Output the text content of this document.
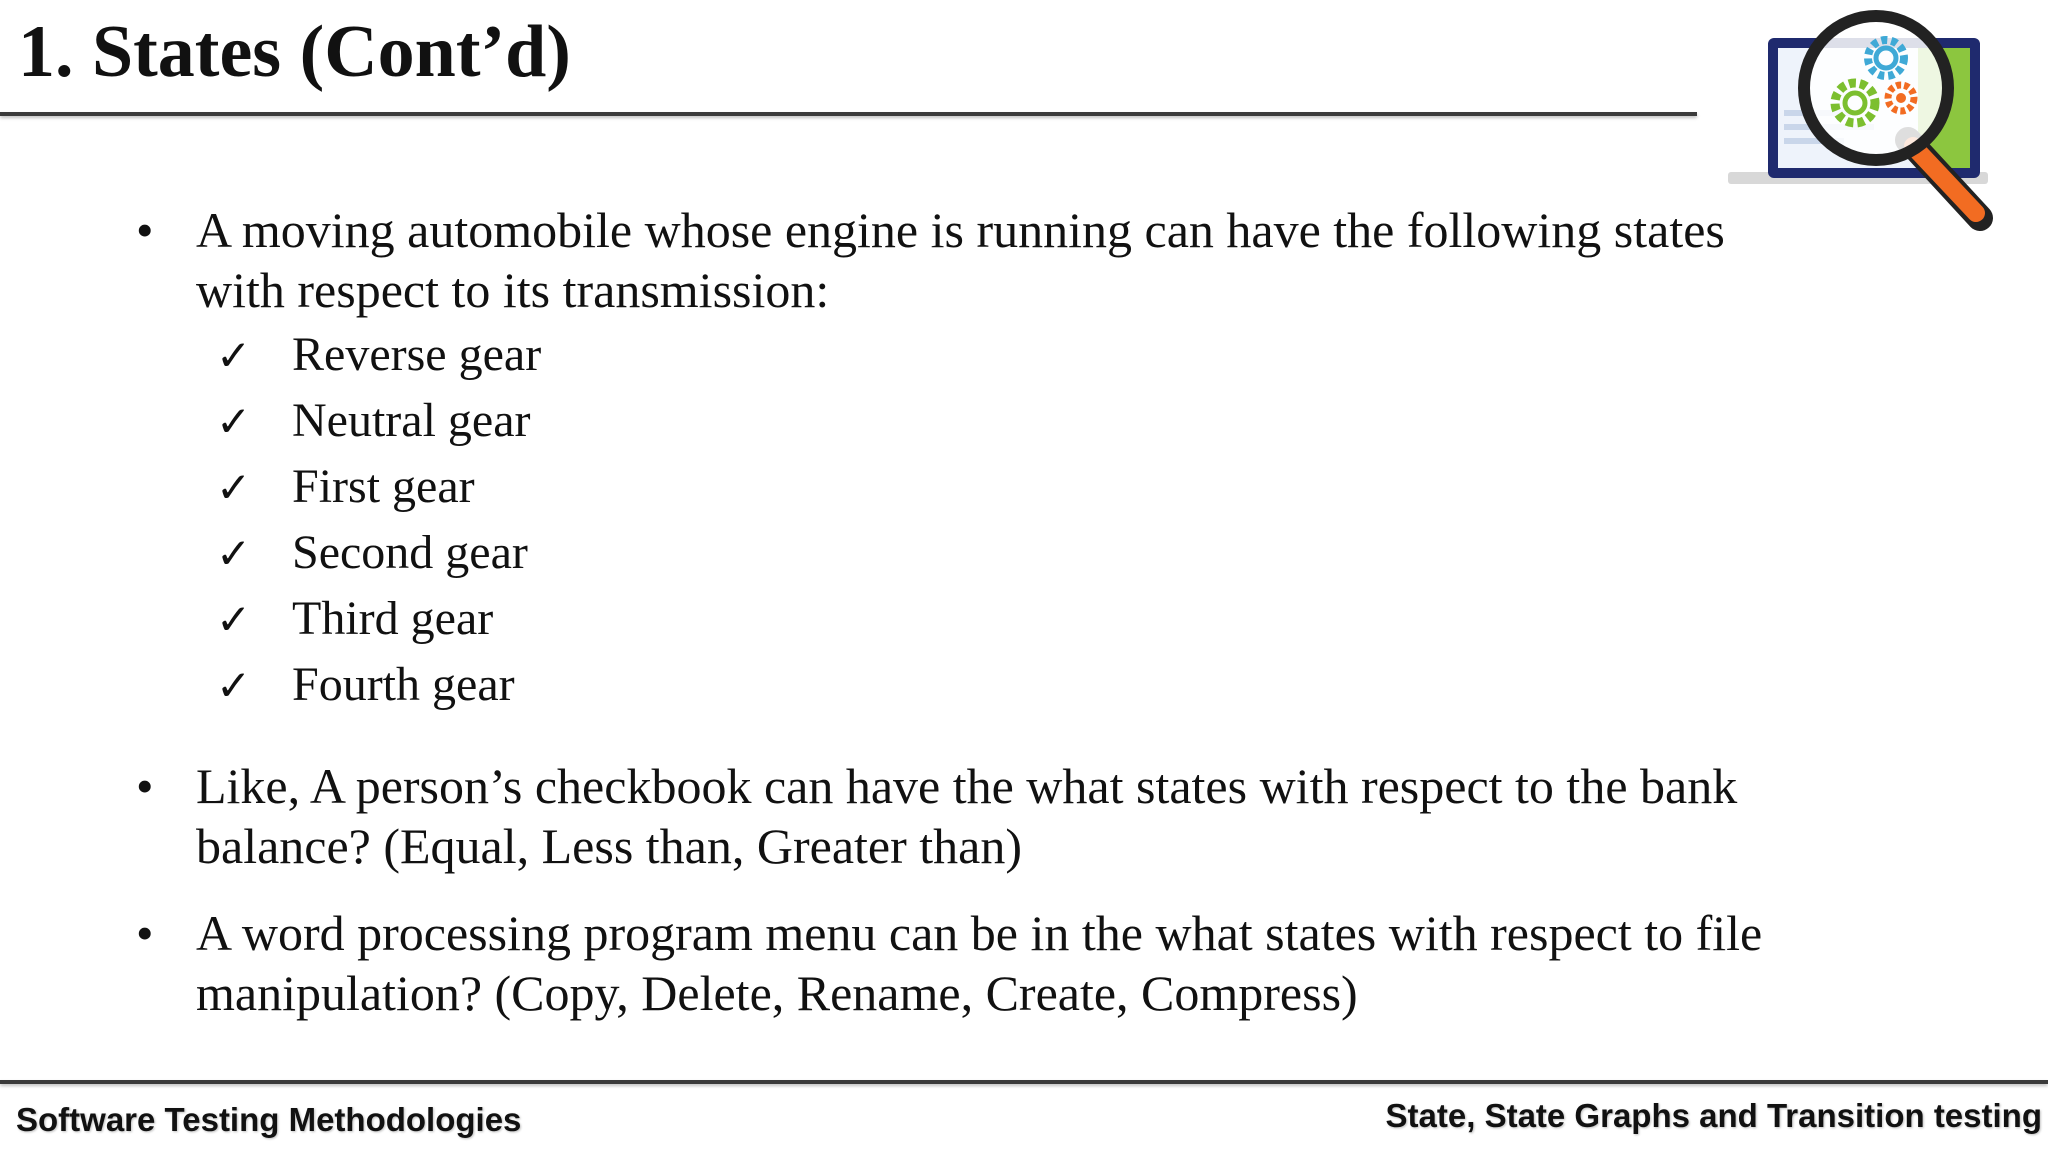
1. States (Cont’d)
• A moving automobile whose engine is running can have the following states
with respect to its transmission:
✓ Reverse gear
✓ Neutral gear
✓ First gear
✓ Second gear
✓ Third gear
✓ Fourth gear
• Like, A person’s checkbook can have the what states with respect to the bank
balance? (Equal, Less than, Greater than)
• A word processing program menu can be in the what states with respect to file
manipulation? (Copy, Delete, Rename, Create, Compress)
Software Testing Methodologies	State, State Graphs and Transition testing
